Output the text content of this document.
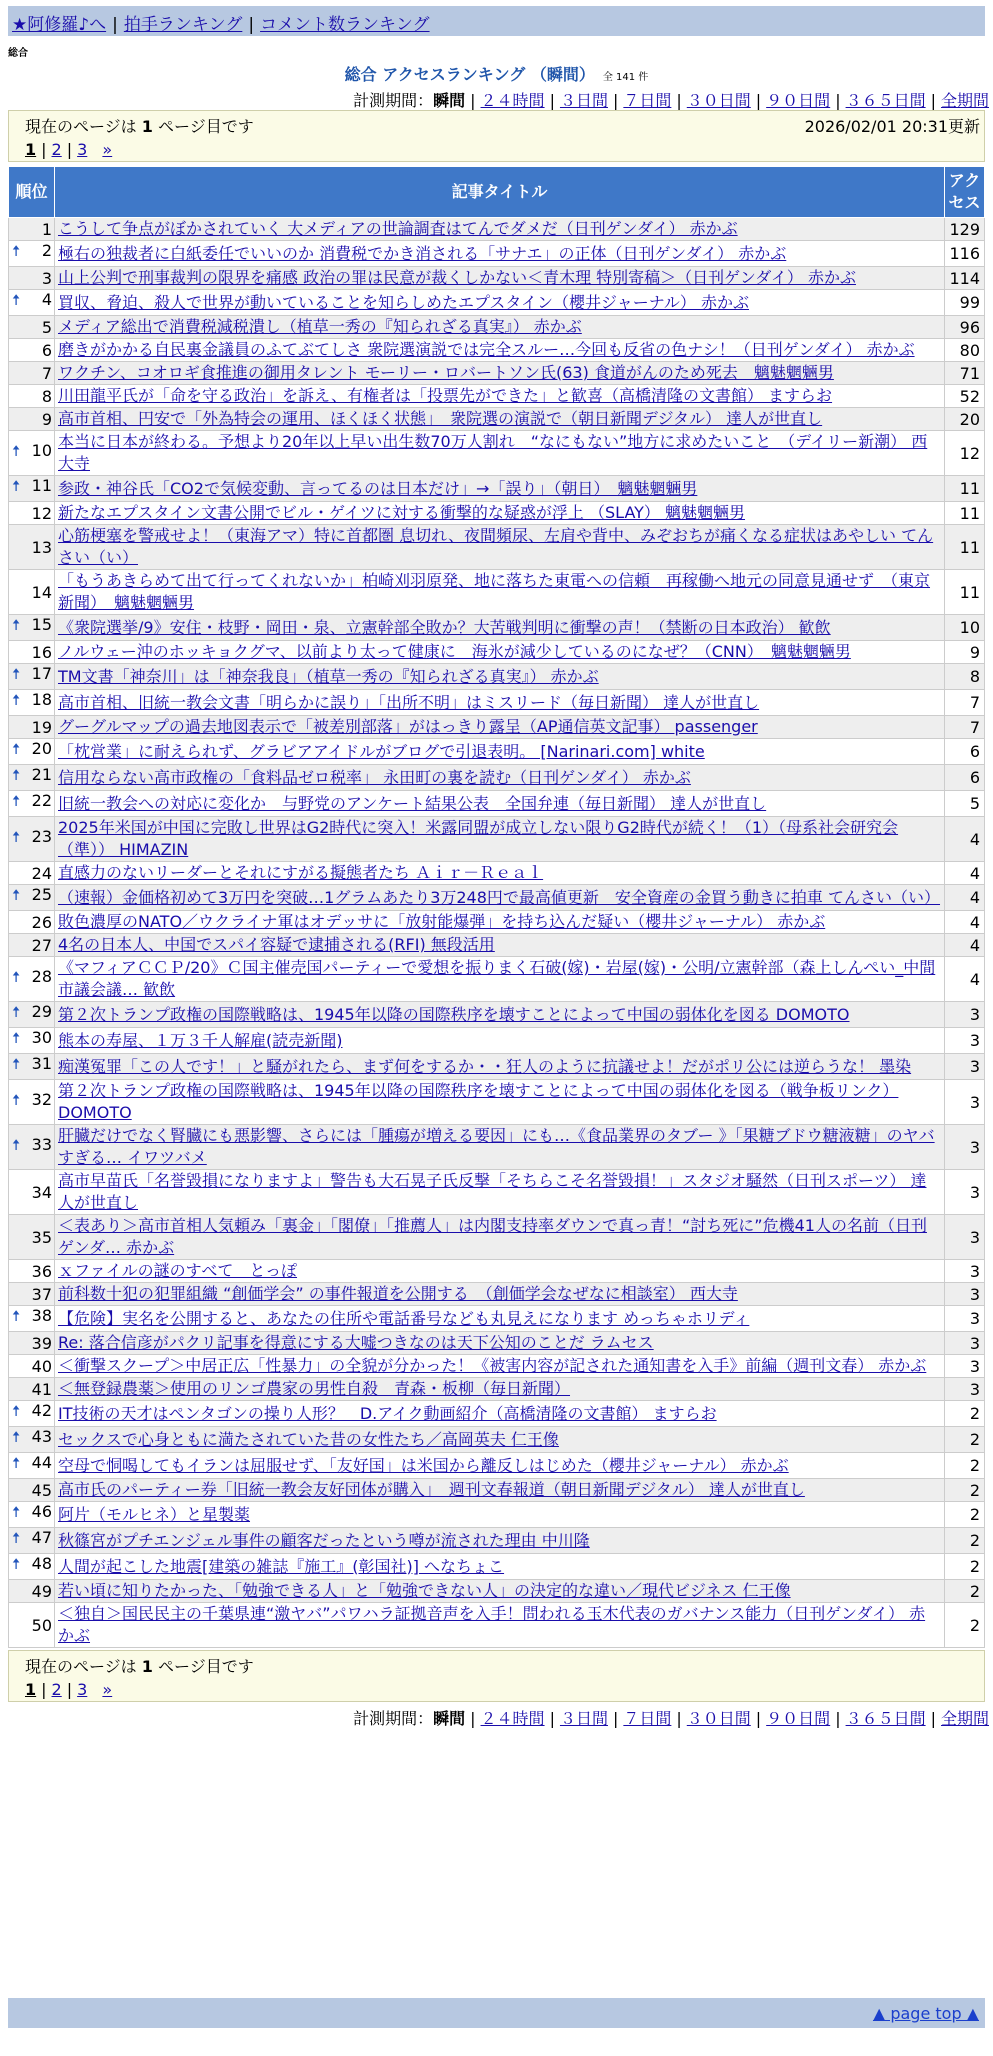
★阿修羅♪へ | 拍手ランキング | コメント数ランキング
総合
総合 アクセスランキング （瞬間） 全 141 件
計測期間：瞬間 | ２４時間 | ３日間 | ７日間 | ３０日間 | ９０日間 | ３６５日間 | 全期間
現在のページは 1 ページ目です	2026/02/01 20:31更新
1 | 2 | 3 »
順位	記事タイトル	アクセス
1	こうして争点がぼかされていく 大メディアの世論調査はてんでダメだ（日刊ゲンダイ） 赤かぶ	129

🠅 2	極右の独裁者に白紙委任でいいのか 消費税でかき消される「サナエ」の正体（日刊ゲンダイ） 赤かぶ	116
3	山上公判で刑事裁判の限界を痛感 政治の罪は民意が裁くしかない＜青木理 特別寄稿＞（日刊ゲンダイ） 赤かぶ	114

🠅 4	買収、脅迫、殺人で世界が動いていることを知らしめたエプスタイン（櫻井ジャーナル） 赤かぶ	99
5	メディア総出で消費税減税潰し（植草一秀の『知られざる真実』） 赤かぶ	96
6	磨きがかかる自民裏金議員のふてぶてしさ 衆院選演説では完全スルー…今回も反省の色ナシ！（日刊ゲンダイ） 赤かぶ	80
7	ワクチン、コオロギ食推進の御用タレント モーリー・ロバートソン氏(63) 食道がんのため死去　魑魅魍魎男	71
8	川田龍平氏が「命を守る政治」を訴え、有権者は「投票先ができた」と歓喜（高橋清隆の文書館） ますらお	52
9	高市首相、円安で「外為特会の運用、ほくほく状態」　衆院選の演説で（朝日新聞デジタル） 達人が世直し	20

🠅 10	本当に日本が終わる。予想より20年以上早い出生数70万人割れ　“なにもない”地方に求めたいこと　（デイリー新潮） 西大寺	12

🠅 11	参政・神谷氏「CO2で気候変動、言ってるのは日本だけ」→「誤り」（朝日）　魑魅魍魎男	11
12	新たなエプスタイン文書公開でビル・ゲイツに対する衝撃的な疑惑が浮上 （SLAY） 魑魅魍魎男	11
13	心筋梗塞を警戒せよ！（東海アマ）特に首都圏 息切れ、夜間頻尿、左肩や背中、みぞおちが痛くなる症状はあやしい てんさい（い）	11
14	「もうあきらめて出て行ってくれないか」柏崎刈羽原発、地に落ちた東電への信頼　再稼働へ地元の同意見通せず　（東京新聞）　魑魅魍魎男	11

🠅 15	《衆院選挙/9》安住・枝野・岡田・泉、立憲幹部全敗か？大苦戦判明に衝撃の声！（禁断の日本政治） 歓飲	10
16	ノルウェー沖のホッキョクグマ、以前より太って健康に　海氷が減少しているのになぜ？（CNN）　魑魅魍魎男	9

🠅 17	TM文書「神奈川」は「神奈我良」（植草一秀の『知られざる真実』） 赤かぶ	8

🠅 18	高市首相、旧統一教会文書「明らかに誤り」「出所不明」はミスリード（毎日新聞） 達人が世直し	7
19	グーグルマップの過去地図表示で「被差別部落」がはっきり露呈（AP通信英文記事） passenger	7

🠅 20	「枕営業」に耐えられず、グラビアアイドルがブログで引退表明。 [Narinari.com] white	6

🠅 21	信用ならない高市政権の「食料品ゼロ税率」 永田町の裏を読む（日刊ゲンダイ） 赤かぶ	6

🠅 22	旧統一教会への対応に変化か　与野党のアンケート結果公表　全国弁連（毎日新聞） 達人が世直し	5

🠅 23	2025年米国が中国に完敗し世界はG2時代に突入！米露同盟が成立しない限りG2時代が続く！（1）（母系社会研究会（準）） HIMAZIN	4
24	直感力のないリーダーとそれにすがる擬態者たち Ａｉｒ－Ｒｅａｌ	4

🠅 25	（速報）金価格初めて3万円を突破…1グラムあたり3万248円で最高値更新　安全資産の金買う動きに拍車 てんさい（い）	4
26	敗色濃厚のNATO／ウクライナ軍はオデッサに「放射能爆弾」を持ち込んだ疑い（櫻井ジャーナル） 赤かぶ	4
27	4名の日本人、中国でスパイ容疑で逮捕される(RFI) 無段活用	4

🠅 28	《マフィアＣＣＰ/20》Ｃ国主催売国パーティーで愛想を振りまく石破(嫁)・岩屋(嫁)・公明/立憲幹部（森上しんぺい_中間市議会議… 歓飲	4

🠅 29	第２次トランプ政権の国際戦略は、1945年以降の国際秩序を壊すことによって中国の弱体化を図る DOMOTO	3

🠅 30	熊本の寿屋、１万３千人解雇(読売新聞)	3

🠅 31	痴漢冤罪「この人です！」と騒がれたら、まず何をするか・・狂人のように抗議せよ！だがポリ公には逆らうな！ 墨染	3

🠅 32	第２次トランプ政権の国際戦略は、1945年以降の国際秩序を壊すことによって中国の弱体化を図る（戦争板リンク） DOMOTO	3

🠅 33	肝臓だけでなく腎臓にも悪影響、さらには「腫瘍が増える要因」にも…《食品業界のタブー 》「果糖ブドウ糖液糖」のヤバすぎる… イワツバメ	3
34	高市早苗氏「名誉毀損になりますよ」警告も大石晃子氏反撃「そちらこそ名誉毀損！」スタジオ騒然（日刊スポーツ） 達人が世直し	3
35	＜表あり＞高市首相人気頼み「裏金」「閣僚」「推薦人」は内閣支持率ダウンで真っ青！“討ち死に”危機41人の名前（日刊ゲンダ… 赤かぶ	3
36	ｘファイルの謎のすべて　とっぽ	3
37	前科数十犯の犯罪組織 “創価学会” の事件報道を公開する　（創価学会なぜなに相談室） 西大寺	3

🠅 38	【危険】実名を公開すると、あなたの住所や電話番号なども丸見えになります めっちゃホリディ	3
39	Re: 落合信彦がパクリ記事を得意にする大嘘つきなのは天下公知のことだ ラムセス	3
40	＜衝撃スクープ＞中居正広「性暴力」の全貌が分かった！《被害内容が記された通知書を入手》前編（週刊文春） 赤かぶ	3
41	＜無登録農薬＞使用のリンゴ農家の男性自殺　青森・板柳（毎日新聞）	3

🠅 42	IT技術の天才はペンタゴンの操り人形？　D.アイク動画紹介（高橋清隆の文書館） ますらお	2

🠅 43	セックスで心身ともに満たされていた昔の女性たち／高岡英夫 仁王像	2

🠅 44	空母で恫喝してもイランは屈服せず、「友好国」は米国から離反しはじめた（櫻井ジャーナル） 赤かぶ	2
45	高市氏のパーティー券「旧統一教会友好団体が購入」　週刊文春報道（朝日新聞デジタル） 達人が世直し	2

🠅 46	阿片（モルヒネ）と星製薬	2

🠅 47	秋篠宮がプチエンジェル事件の顧客だったという噂が流された理由 中川隆	2

🠅 48	人間が起こした地震[建築の雑誌『施工』(彰国社)] へなちょこ	2
49	若い頃に知りたかった、「勉強できる人」と「勉強できない人」の決定的な違い／現代ビジネス 仁王像	2
50	＜独自＞国民民主の千葉県連“激ヤバ”パワハラ証拠音声を入手！問われる玉木代表のガバナンス能力（日刊ゲンダイ） 赤かぶ	2
現在のページは 1 ページ目です
1 | 2 | 3 »
計測期間：瞬間 | ２４時間 | ３日間 | ７日間 | ３０日間 | ９０日間 | ３６５日間 | 全期間
▲ page top ▲
